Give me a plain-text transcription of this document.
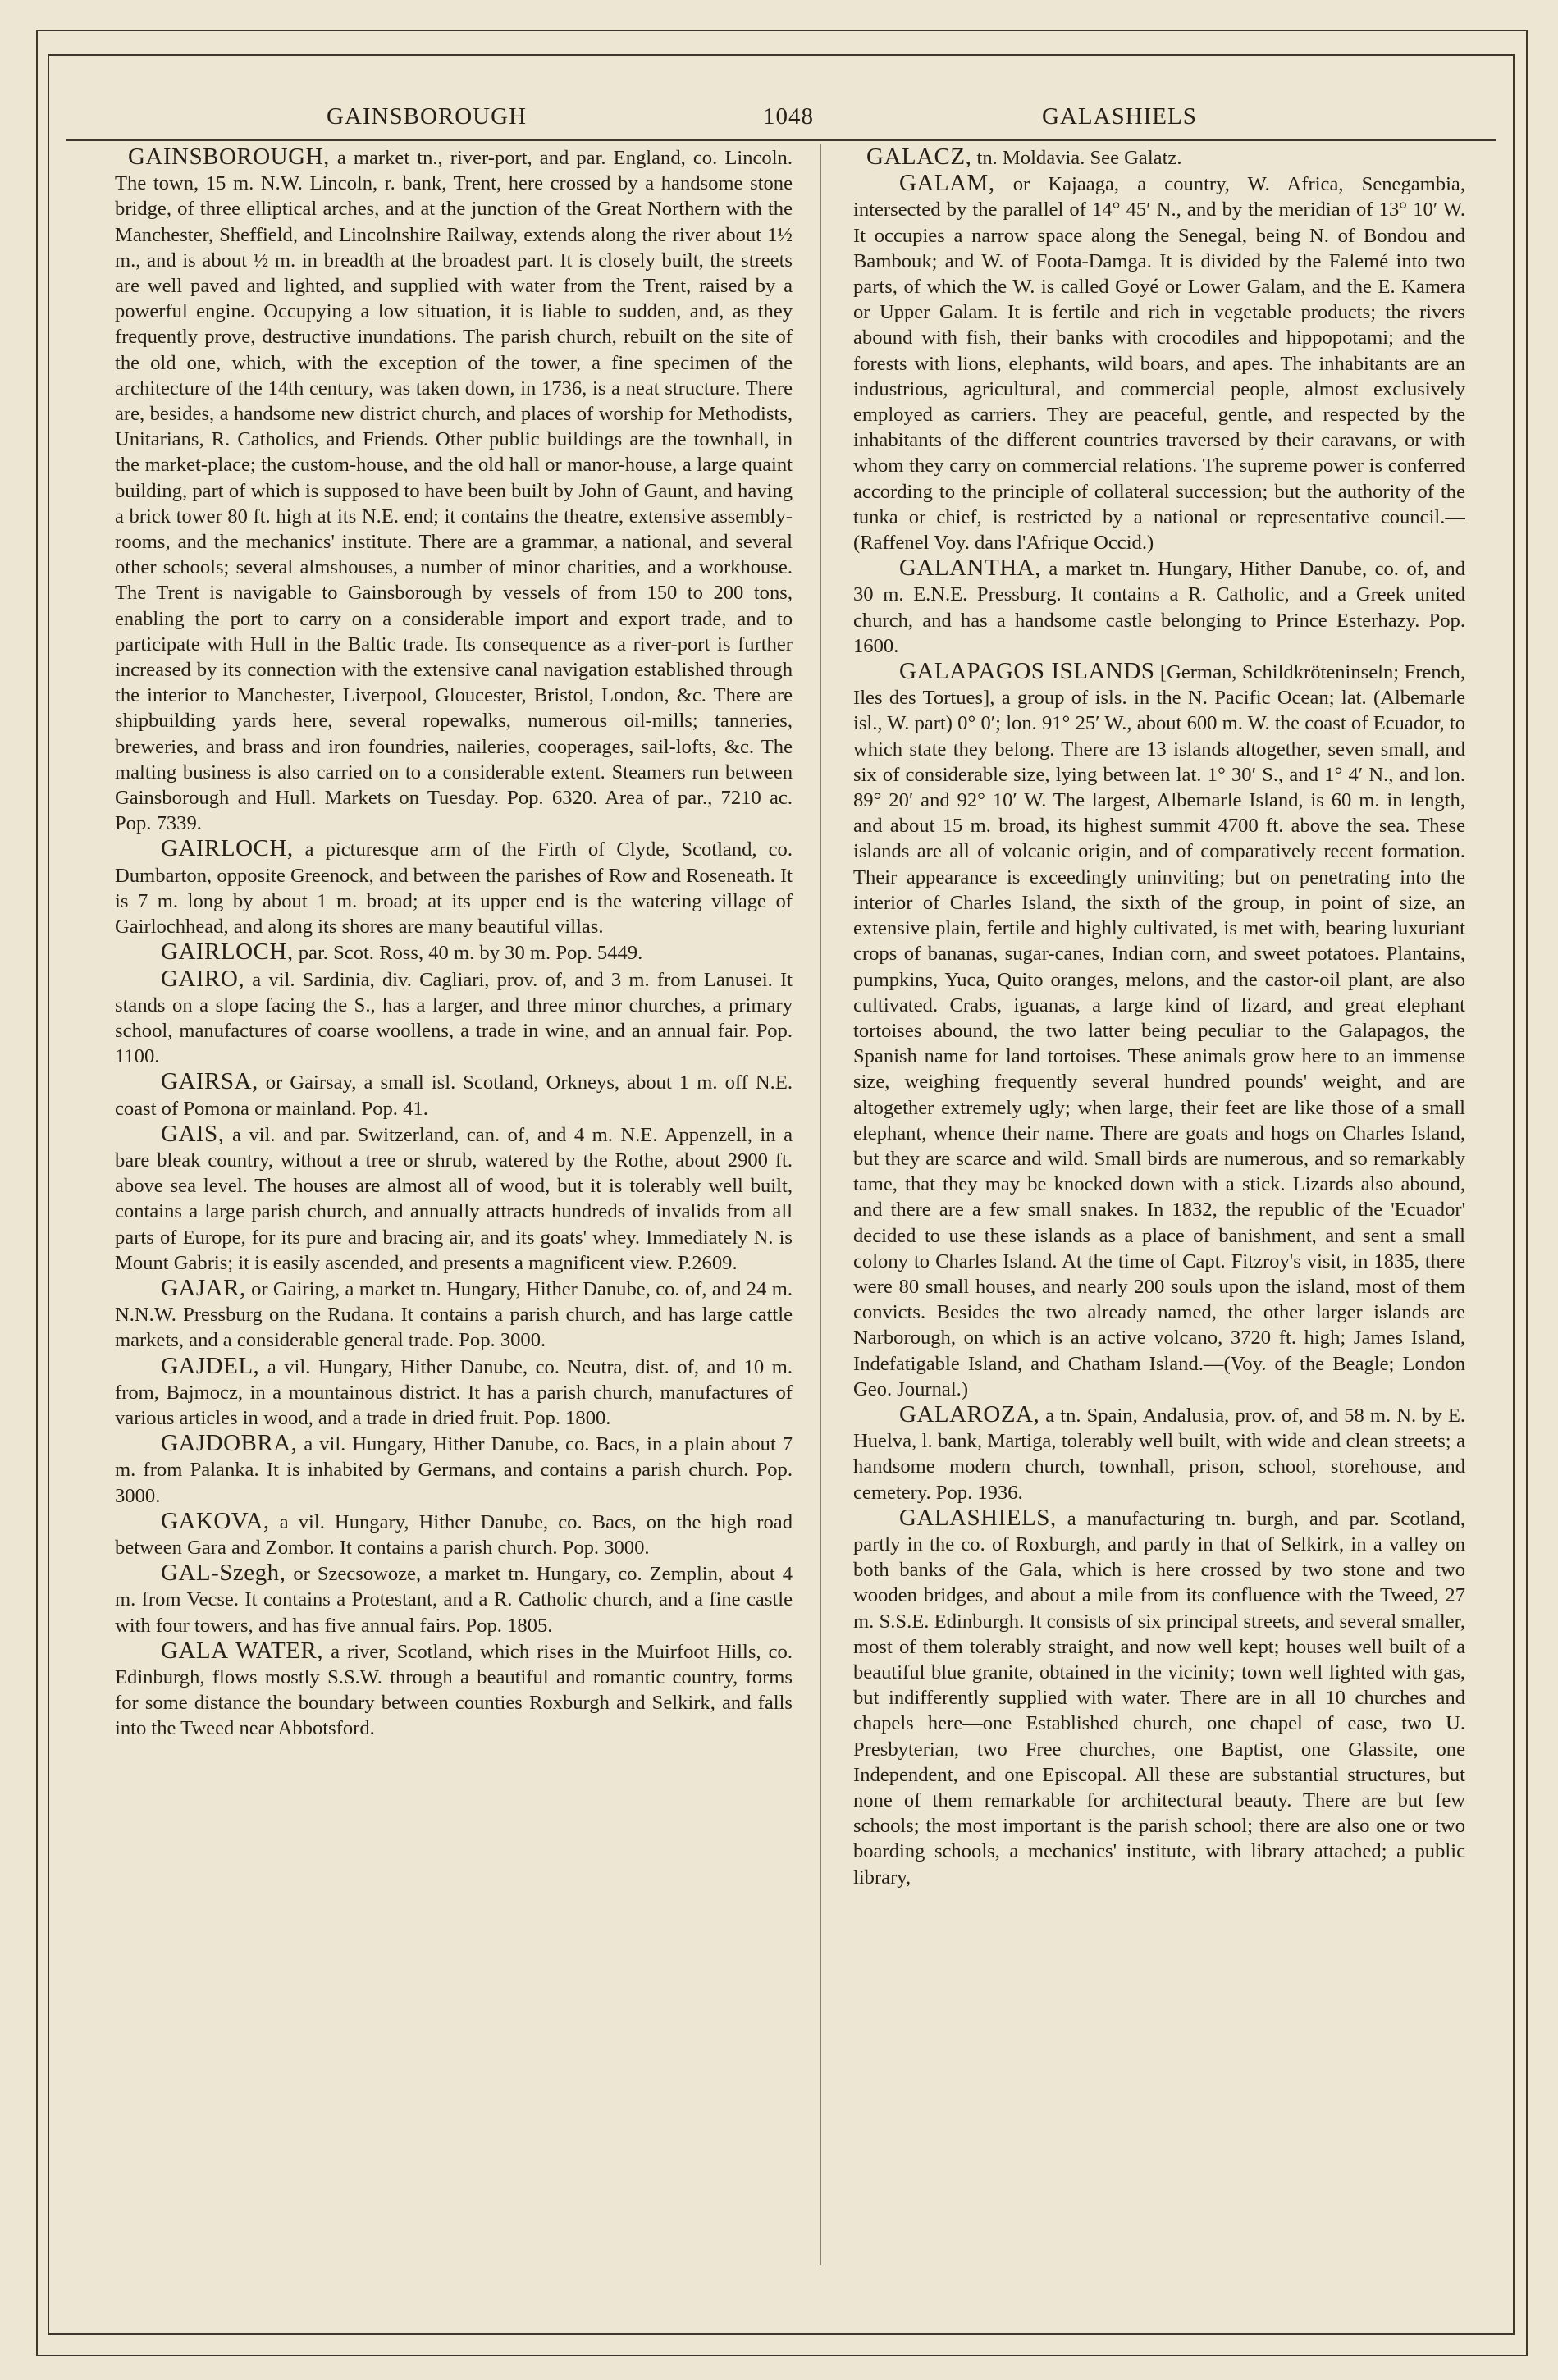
GAINSBOROUGH	1048	GALASHIELS

GAINSBOROUGH, a market tn., river-port, and par. England, co. Lincoln. The town, 15 m. N.W. Lincoln, r. bank, Trent, here crossed by a handsome stone bridge, of three elliptical arches, and at the junction of the Great Northern with the Manchester, Sheffield, and Lincolnshire Railway, extends along the river about 1½ m., and is about ½ m. in breadth at the broadest part. It is closely built, the streets are well paved and lighted, and supplied with water from the Trent, raised by a powerful engine. Occupying a low situation, it is liable to sudden, and, as they frequently prove, destructive inundations. The parish church, rebuilt on the site of the old one, which, with the exception of the tower, a fine specimen of the architecture of the 14th century, was taken down, in 1736, is a neat structure. There are, besides, a handsome new district church, and places of worship for Methodists, Unitarians, R. Catholics, and Friends. Other public buildings are the townhall, in the market-place; the custom-house, and the old hall or manor-house, a large quaint building, part of which is supposed to have been built by John of Gaunt, and having a brick tower 80 ft. high at its N.E. end; it contains the theatre, extensive assembly-rooms, and the mechanics' institute. There are a grammar, a national, and several other schools; several almshouses, a number of minor charities, and a workhouse. The Trent is navigable to Gainsborough by vessels of from 150 to 200 tons, enabling the port to carry on a considerable import and export trade, and to participate with Hull in the Baltic trade. Its consequence as a river-port is further increased by its connection with the extensive canal navigation established through the interior to Manchester, Liverpool, Gloucester, Bristol, London, &c. There are shipbuilding yards here, several ropewalks, numerous oil-mills; tanneries, breweries, and brass and iron foundries, naileries, cooperages, sail-lofts, &c. The malting business is also carried on to a considerable extent. Steamers run between Gainsborough and Hull. Markets on Tuesday. Pop. 6320. Area of par., 7210 ac. Pop. 7339.

GAIRLOCH, a picturesque arm of the Firth of Clyde, Scotland, co. Dumbarton, opposite Greenock, and between the parishes of Row and Roseneath. It is 7 m. long by about 1 m. broad; at its upper end is the watering village of Gairlochhead, and along its shores are many beautiful villas.

GAIRLOCH, par. Scot. Ross, 40 m. by 30 m. Pop. 5449.

GAIRO, a vil. Sardinia, div. Cagliari, prov. of, and 3 m. from Lanusei. It stands on a slope facing the S., has a larger, and three minor churches, a primary school, manufactures of coarse woollens, a trade in wine, and an annual fair. Pop. 1100.

GAIRSA, or Gairsay, a small isl. Scotland, Orkneys, about 1 m. off N.E. coast of Pomona or mainland. Pop. 41.

GAIS, a vil. and par. Switzerland, can. of, and 4 m. N.E. Appenzell, in a bare bleak country, without a tree or shrub, watered by the Rothe, about 2900 ft. above sea level. The houses are almost all of wood, but it is tolerably well built, contains a large parish church, and annually attracts hundreds of invalids from all parts of Europe, for its pure and bracing air, and its goats' whey. Immediately N. is Mount Gabris; it is easily ascended, and presents a magnificent view. P.2609.

GAJAR, or Gairing, a market tn. Hungary, Hither Danube, co. of, and 24 m. N.N.W. Pressburg on the Rudana. It contains a parish church, and has large cattle markets, and a considerable general trade. Pop. 3000.

GAJDEL, a vil. Hungary, Hither Danube, co. Neutra, dist. of, and 10 m. from, Bajmocz, in a mountainous district. It has a parish church, manufactures of various articles in wood, and a trade in dried fruit. Pop. 1800.

GAJDOBRA, a vil. Hungary, Hither Danube, co. Bacs, in a plain about 7 m. from Palanka. It is inhabited by Germans, and contains a parish church. Pop. 3000.

GAKOVA, a vil. Hungary, Hither Danube, co. Bacs, on the high road between Gara and Zombor. It contains a parish church. Pop. 3000.

GAL-Szegh, or Szecsowoze, a market tn. Hungary, co. Zemplin, about 4 m. from Vecse. It contains a Protestant, and a R. Catholic church, and a fine castle with four towers, and has five annual fairs. Pop. 1805.

GALA WATER, a river, Scotland, which rises in the Muirfoot Hills, co. Edinburgh, flows mostly S.S.W. through a beautiful and romantic country, forms for some distance the boundary between counties Roxburgh and Selkirk, and falls into the Tweed near Abbotsford.

GALACZ, tn. Moldavia. See Galatz.

GALAM, or Kajaaga, a country, W. Africa, Senegambia, intersected by the parallel of 14° 45′ N., and by the meridian of 13° 10′ W. It occupies a narrow space along the Senegal, being N. of Bondou and Bambouk; and W. of Foota-Damga. It is divided by the Falemé into two parts, of which the W. is called Goyé or Lower Galam, and the E. Kamera or Upper Galam. It is fertile and rich in vegetable products; the rivers abound with fish, their banks with crocodiles and hippopotami; and the forests with lions, elephants, wild boars, and apes. The inhabitants are an industrious, agricultural, and commercial people, almost exclusively employed as carriers. They are peaceful, gentle, and respected by the inhabitants of the different countries traversed by their caravans, or with whom they carry on commercial relations. The supreme power is conferred according to the principle of collateral succession; but the authority of the tunka or chief, is restricted by a national or representative council.—(Raffenel Voy. dans l'Afrique Occid.)

GALANTHA, a market tn. Hungary, Hither Danube, co. of, and 30 m. E.N.E. Pressburg. It contains a R. Catholic, and a Greek united church, and has a handsome castle belonging to Prince Esterhazy. Pop. 1600.

GALAPAGOS ISLANDS [German, Schildkröteninseln; French, Iles des Tortues], a group of isls. in the N. Pacific Ocean; lat. (Albemarle isl., W. part) 0° 0′; lon. 91° 25′ W., about 600 m. W. the coast of Ecuador, to which state they belong. There are 13 islands altogether, seven small, and six of considerable size, lying between lat. 1° 30′ S., and 1° 4′ N., and lon. 89° 20′ and 92° 10′ W. The largest, Albemarle Island, is 60 m. in length, and about 15 m. broad, its highest summit 4700 ft. above the sea. These islands are all of volcanic origin, and of comparatively recent formation. Their appearance is exceedingly uninviting; but on penetrating into the interior of Charles Island, the sixth of the group, in point of size, an extensive plain, fertile and highly cultivated, is met with, bearing luxuriant crops of bananas, sugar-canes, Indian corn, and sweet potatoes. Plantains, pumpkins, Yuca, Quito oranges, melons, and the castor-oil plant, are also cultivated. Crabs, iguanas, a large kind of lizard, and great elephant tortoises abound, the two latter being peculiar to the Galapagos, the Spanish name for land tortoises. These animals grow here to an immense size, weighing frequently several hundred pounds' weight, and are altogether extremely ugly; when large, their feet are like those of a small elephant, whence their name. There are goats and hogs on Charles Island, but they are scarce and wild. Small birds are numerous, and so remarkably tame, that they may be knocked down with a stick. Lizards also abound, and there are a few small snakes. In 1832, the republic of the 'Ecuador' decided to use these islands as a place of banishment, and sent a small colony to Charles Island. At the time of Capt. Fitzroy's visit, in 1835, there were 80 small houses, and nearly 200 souls upon the island, most of them convicts. Besides the two already named, the other larger islands are Narborough, on which is an active volcano, 3720 ft. high; James Island, Indefatigable Island, and Chatham Island.—(Voy. of the Beagle; London Geo. Journal.)

GALAROZA, a tn. Spain, Andalusia, prov. of, and 58 m. N. by E. Huelva, l. bank, Martiga, tolerably well built, with wide and clean streets; a handsome modern church, townhall, prison, school, storehouse, and cemetery. Pop. 1936.

GALASHIELS, a manufacturing tn. burgh, and par. Scotland, partly in the co. of Roxburgh, and partly in that of Selkirk, in a valley on both banks of the Gala, which is here crossed by two stone and two wooden bridges, and about a mile from its confluence with the Tweed, 27 m. S.S.E. Edinburgh. It consists of six principal streets, and several smaller, most of them tolerably straight, and now well kept; houses well built of a beautiful blue granite, obtained in the vicinity; town well lighted with gas, but indifferently supplied with water. There are in all 10 churches and chapels here—one Established church, one chapel of ease, two U. Presbyterian, two Free churches, one Baptist, one Glassite, one Independent, and one Episcopal. All these are substantial structures, but none of them remarkable for architectural beauty. There are but few schools; the most important is the parish school; there are also one or two boarding schools, a mechanics' institute, with library attached; a public library,
